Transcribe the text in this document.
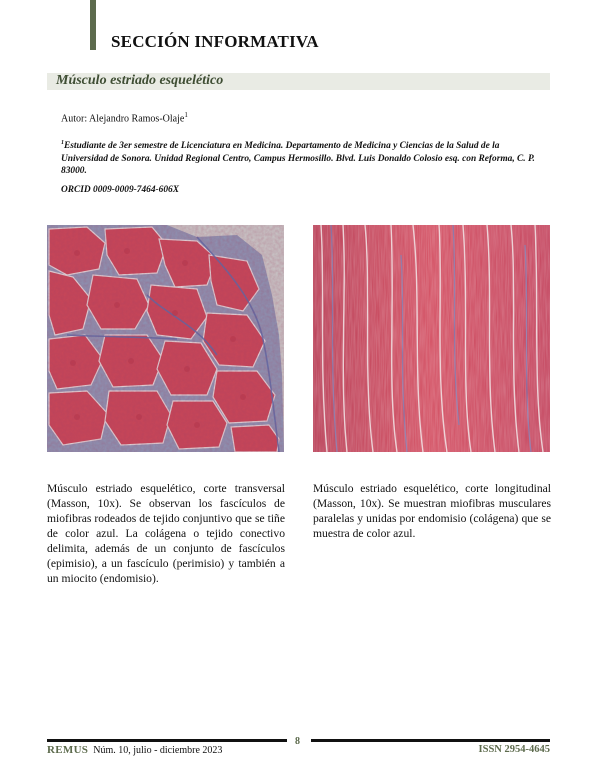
SECCIÓN INFORMATIVA
Músculo estriado esquelético
Autor: Alejandro Ramos-Olaje$^1$
$^1$Estudiante de 3er semestre de Licenciatura en Medicina. Departamento de Medicina y Ciencias de la Salud de la Universidad de Sonora. Unidad Regional Centro, Campus Hermosillo. Blvd. Luis Donaldo Colosio esq. con Reforma, C. P. 83000.
ORCID 0009-0009-7464-606X
Músculo estriado esquelético, corte transversal (Masson, 10x). Se observan los fascículos de miofibras rodeados de tejido conjuntivo que se tiñe de color azul. La colágena o tejido conectivo delimita, además de un conjunto de fascículos (epimisio), a un fascículo (perimisio) y también a un miocito (endomisio).
Músculo estriado esquelético, corte longitudinal (Masson, 10x). Se muestran miofibras musculares paralelas y unidas por endomisio (colágena) que se muestra de color azul.
8
REMUS Núm. 10, julio - diciembre 2023	ISSN 2954-4645
